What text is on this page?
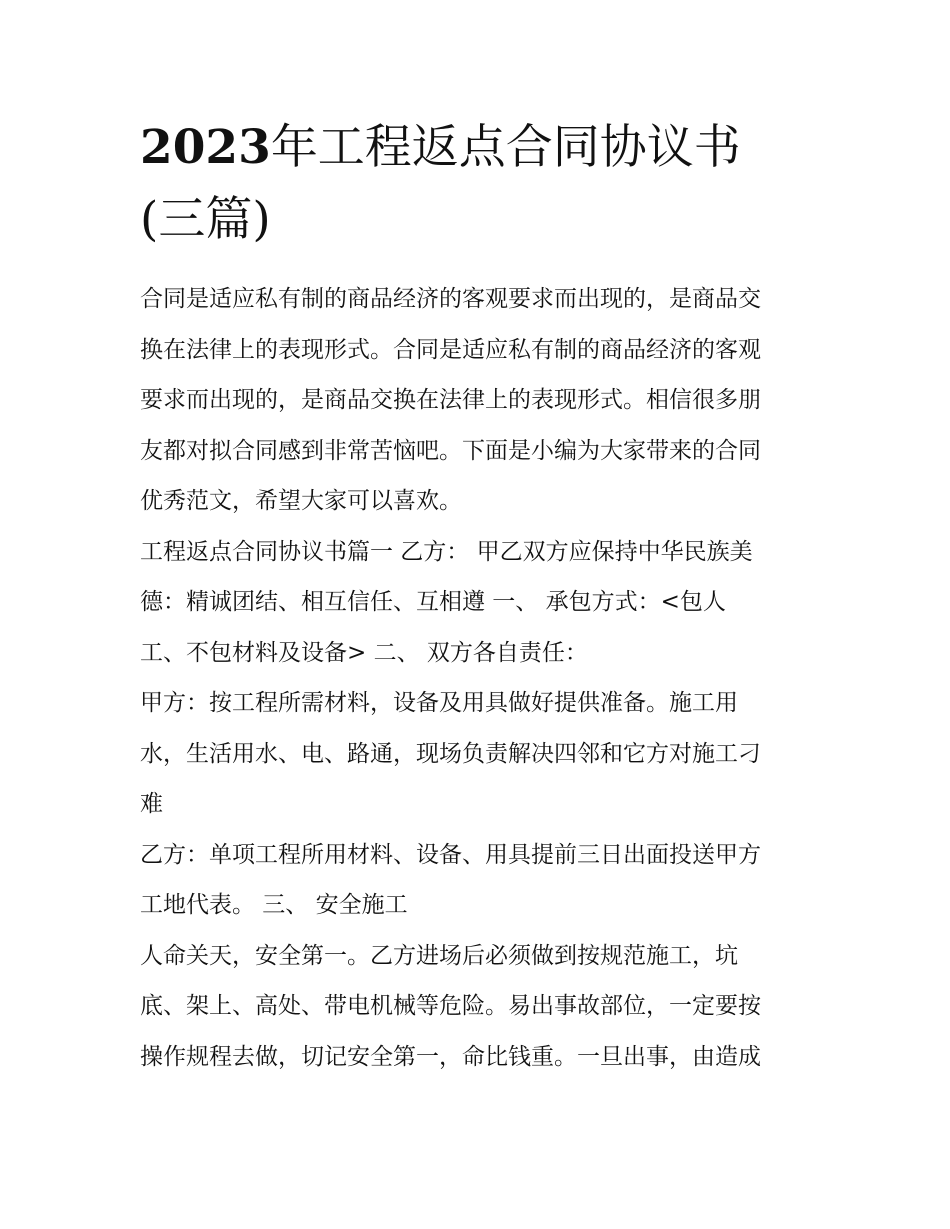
2023年工程返点合同协议书
(三篇)
合同是适应私有制的商品经济的客观要求而出现的，是商品交
换在法律上的表现形式。合同是适应私有制的商品经济的客观
要求而出现的，是商品交换在法律上的表现形式。相信很多朋
友都对拟合同感到非常苦恼吧。下面是小编为大家带来的合同
优秀范文，希望大家可以喜欢。
工程返点合同协议书篇一 乙方： 甲乙双方应保持中华民族美
德：精诚团结、相互信任、互相遵 一、 承包方式：<包人
工、不包材料及设备> 二、 双方各自责任：
甲方：按工程所需材料，设备及用具做好提供准备。施工用
水，生活用水、电、路通，现场负责解决四邻和它方对施工刁
难
乙方：单项工程所用材料、设备、用具提前三日出面投送甲方
工地代表。 三、 安全施工
人命关天，安全第一。乙方进场后必须做到按规范施工，坑
底、架上、高处、带电机械等危险。易出事故部位，一定要按
操作规程去做，切记安全第一，命比钱重。一旦出事，由造成
